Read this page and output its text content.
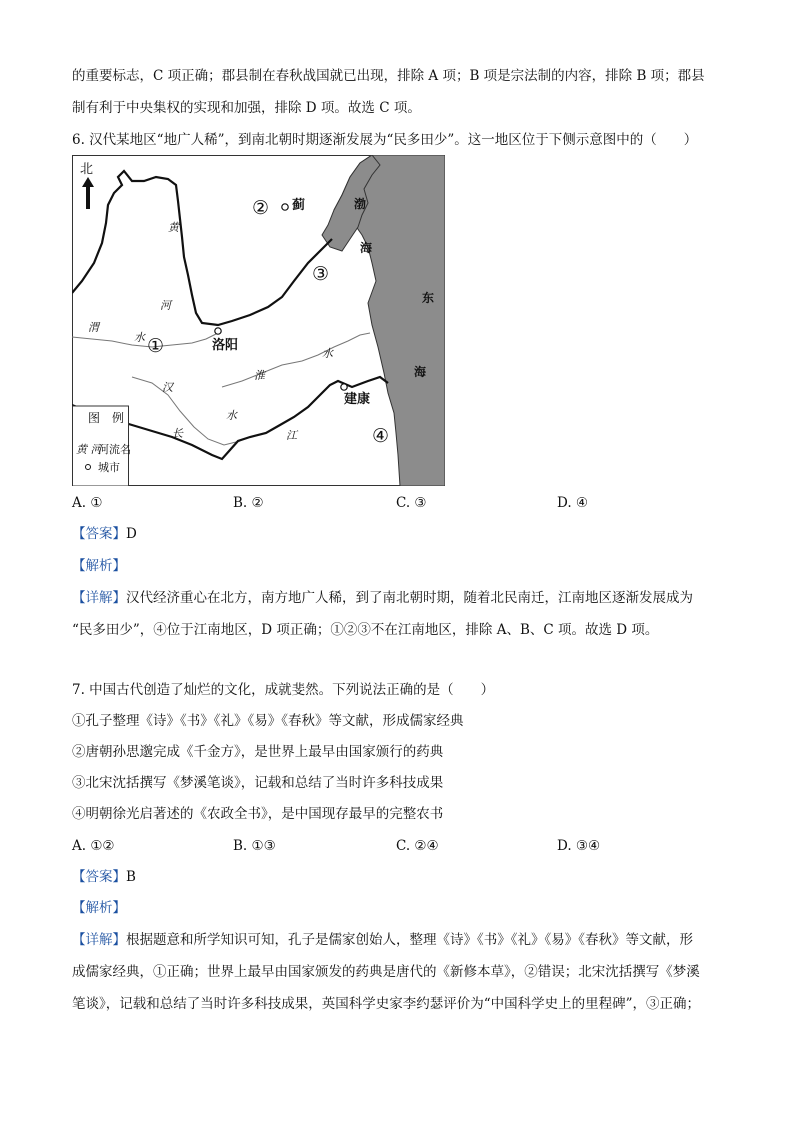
的重要标志，C 项正确；郡县制在春秋战国就已出现，排除 A 项；B 项是宗法制的内容，排除 B 项；郡县
制有利于中央集权的实现和加强，排除 D 项。故选 C 项。
6. 汉代某地区“地广人稀”，到南北朝时期逐渐发展为“民多田少”。这一地区位于下侧示意图中的（　　）
北
蓟
洛阳
建康
①
②
③
④
黄
河
渭
水
淮
水
汉
水
长	江
渤
海
东
海
图　例
黄 河
河流名
城市
A. ①	B. ②	C. ③	D. ④
【答案】D
【解析】
【详解】汉代经济重心在北方，南方地广人稀，到了南北朝时期，随着北民南迁，江南地区逐渐发展成为
“民多田少”，④位于江南地区，D 项正确；①②③不在江南地区，排除 A、B、C 项。故选 D 项。
7. 中国古代创造了灿烂的文化，成就斐然。下列说法正确的是（　　）
①孔子整理《诗》《书》《礼》《易》《春秋》等文献，形成儒家经典
②唐朝孙思邈完成《千金方》，是世界上最早由国家颁行的药典
③北宋沈括撰写《梦溪笔谈》，记载和总结了当时许多科技成果
④明朝徐光启著述的《农政全书》，是中国现存最早的完整农书
A. ①②	B. ①③	C. ②④	D. ③④
【答案】B
【解析】
【详解】根据题意和所学知识可知，孔子是儒家创始人，整理《诗》《书》《礼》《易》《春秋》等文献，形
成儒家经典，①正确；世界上最早由国家颁发的药典是唐代的《新修本草》，②错误；北宋沈括撰写《梦溪
笔谈》，记载和总结了当时许多科技成果，英国科学史家李约瑟评价为“中国科学史上的里程碑”，③正确；
